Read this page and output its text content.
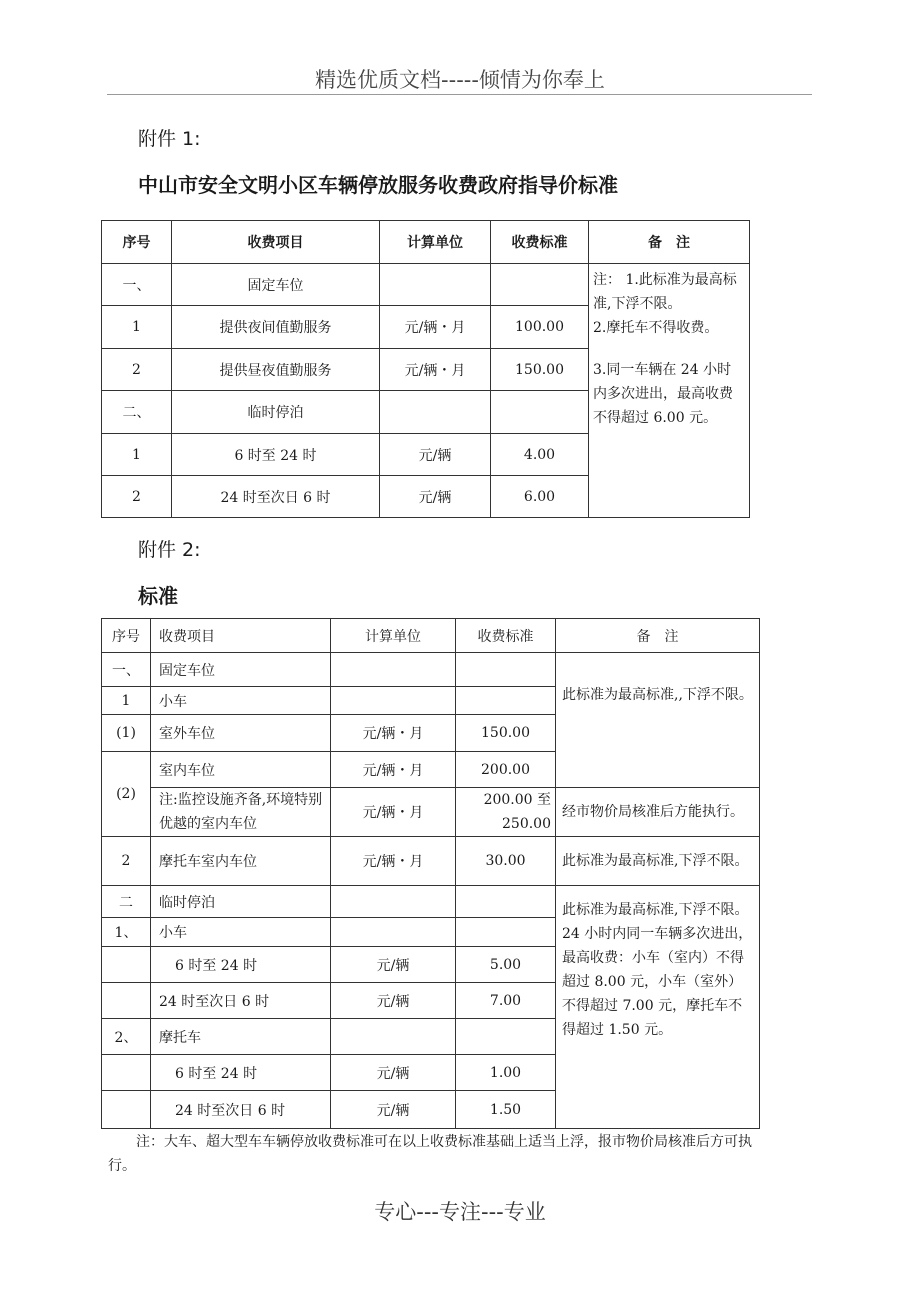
精选优质文档-----倾情为你奉上
附件 1:
中山市安全文明小区车辆停放服务收费政府指导价标准
序号	收费项目	计算单位	收费标准	备　注
一、	固定车位			注： 1.此标准为最高标准,下浮不限。
2.摩托车不得收费。
3.同一车辆在 24 小时内多次进出，最高收费不得超过 6.00 元。

1	提供夜间值勤服务	元/辆・月	100.00	
2	提供昼夜值勤服务	元/辆・月	150.00	
二、	临时停泊			
1	6 时至 24 时	元/辆	4.00	
2	24 时至次日 6 时	元/辆	6.00	
附件 2:
标准
序号	收费项目	计算单位	收费标准	备　注
一、	固定车位			此标准为最高标准,,下浮不限。
1	小车			
(1)	室外车位	元/辆・月	150.00	
(2)	室内车位	元/辆・月	200.00	
	注:监控设施齐备,环境特别优越的室内车位	元/辆・月	200.00 至 250.00	经市物价局核准后方能执行。
2	摩托车室内车位	元/辆・月	30.00	此标准为最高标准,下浮不限。
二	临时停泊			此标准为最高标准,下浮不限。24 小时内同一车辆多次进出，最高收费：小车（室内）不得超过 8.00 元，小车（室外）不得超过 7.00 元，摩托车不得超过 1.50 元。
1、	小车			
	6 时至 24 时	元/辆	5.00	
	24 时至次日 6 时	元/辆	7.00	
2、	摩托车			
	6 时至 24 时	元/辆	1.00	
	24 时至次日 6 时	元/辆	1.50	
注：大车、超大型车车辆停放收费标准可在以上收费标准基础上适当上浮，报市物价局核准后方可执行。
专心---专注---专业
